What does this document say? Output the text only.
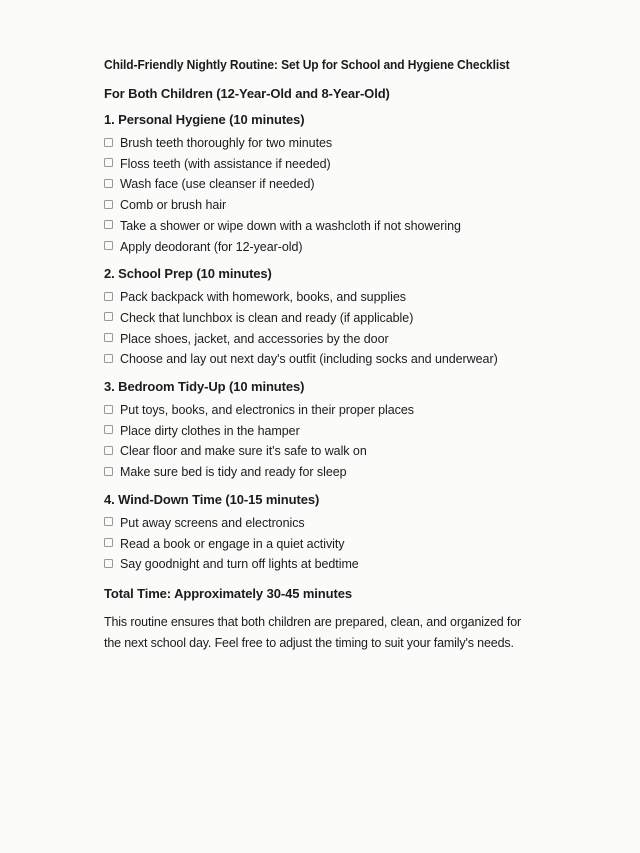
Child-Friendly Nightly Routine: Set Up for School and Hygiene Checklist
For Both Children (12-Year-Old and 8-Year-Old)
1. Personal Hygiene (10 minutes)
Brush teeth thoroughly for two minutes
Floss teeth (with assistance if needed)
Wash face (use cleanser if needed)
Comb or brush hair
Take a shower or wipe down with a washcloth if not showering
Apply deodorant (for 12-year-old)
2. School Prep (10 minutes)
Pack backpack with homework, books, and supplies
Check that lunchbox is clean and ready (if applicable)
Place shoes, jacket, and accessories by the door
Choose and lay out next day's outfit (including socks and underwear)
3. Bedroom Tidy-Up (10 minutes)
Put toys, books, and electronics in their proper places
Place dirty clothes in the hamper
Clear floor and make sure it's safe to walk on
Make sure bed is tidy and ready for sleep
4. Wind-Down Time (10-15 minutes)
Put away screens and electronics
Read a book or engage in a quiet activity
Say goodnight and turn off lights at bedtime

Total Time: Approximately 30-45 minutes

This routine ensures that both children are prepared, clean, and organized for the next school day. Feel free to adjust the timing to suit your family's needs.
